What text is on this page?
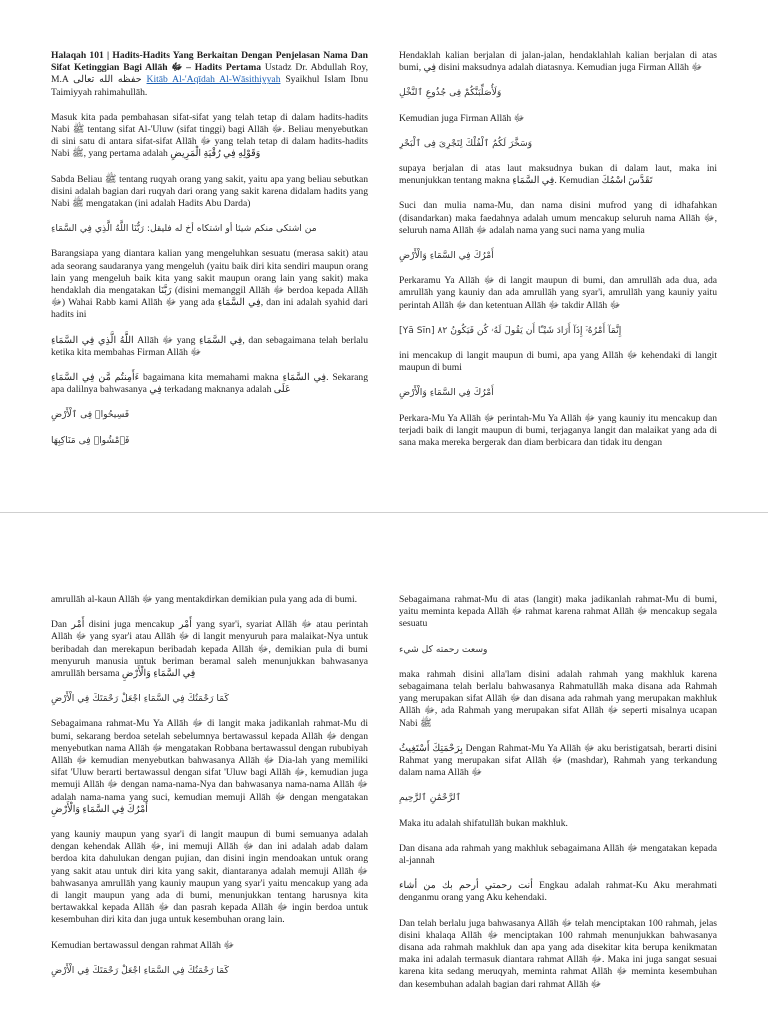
Halaqah 101 | Hadits-Hadits Yang Berkaitan Dengan Penjelasan Nama Dan Sifat Ketinggian Bagi Allāh ﷻ – Hadits Pertama Ustadz Dr. Abdullah Roy, M.A حفظه الله تعالى Kitāb Al-'Aqīdah Al-Wāsithiyyah Syaikhul Islam Ibnu Taimiyyah rahimahullāh.

Masuk kita pada pembahasan sifat-sifat yang telah tetap di dalam hadits-hadits Nabi ﷺ tentang sifat Al-'Uluw (sifat tinggi) bagi Allāh ﷻ. Beliau menyebutkan di sini satu di antara sifat-sifat Allāh ﷻ yang telah tetap di dalam hadits-hadits Nabi ﷺ, yang pertama adalah وَقَوْلِهِ فِي رُقْيَةِ الْمَرِيضِ

Sabda Beliau ﷺ tentang ruqyah orang yang sakit, yaitu apa yang beliau sebutkan disini adalah bagian dari ruqyah dari orang yang sakit karena didalam hadits yang Nabi ﷺ mengatakan (ini adalah Hadits Abu Darda)

من اشتكى منكم شيئا أو اشتكاه أخ له فليقل: رَبُّنَا اللَّهُ الَّذِي فِي السَّمَاءِ

Barangsiapa yang diantara kalian yang mengeluhkan sesuatu (merasa sakit) atau ada seorang saudaranya yang mengeluh (yaitu baik diri kita sendiri maupun orang lain yang mengeluh baik kita yang sakit maupun orang lain yang sakit) maka hendaklah dia mengatakan رَبَّنَا (disini memanggil Allāh ﷻ berdoa kepada Allāh ﷻ) Wahai Rabb kami Allāh ﷻ yang ada فِي السَّمَاءِ, dan ini adalah syahid dari hadits ini

اللَّهُ الَّذِي فِي السَّمَاءِ Allāh ﷻ yang فِي السَّمَاءِ, dan sebagaimana telah berlalu ketika kita membahas Firman Allāh ﷻ

ءَأَمِنتُم مَّن فِي السَّمَاءِ bagaimana kita memahami makna فِي السَّمَاءِ. Sekarang apa dalilnya bahwasanya فِي terkadang maknanya adalah عَلَى

فَسِيحُوا۟ فِى ٱلْأَرْضِ

فَٱمْشُوا۟ فِى مَنَاكِبِهَا

Hendaklah kalian berjalan di jalan-jalan, hendaklahlah kalian berjalan di atas bumi, فِي disini maksudnya adalah diatasnya. Kemudian juga Firman Allāh ﷻ

وَلَأُصَلِّبَنَّكُمْ فِى جُذُوعِ ٱلنَّخْلِ

Kemudian juga Firman Allāh ﷻ

وَسَخَّرَ لَكُمُ ٱلْفُلْكَ لِتَجْرِىَ فِى ٱلْبَحْرِ

supaya berjalan di atas laut maksudnya bukan di dalam laut, maka ini menunjukkan tentang makna فِي السَّمَاءِ. Kemudian تَقَدَّسَ اسْمُكَ

Suci dan mulia nama-Mu, dan nama disini mufrod yang di idhafahkan (disandarkan) maka faedahnya adalah umum mencakup seluruh nama Allāh ﷻ, seluruh nama Allāh ﷻ adalah nama yang suci nama yang mulia

أَمْرُكَ فِي السَّمَاءِ وَالْأَرْضِ

Perkaramu Ya Allāh ﷻ di langit maupun di bumi, dan amrullāh ada dua, ada amrullāh yang kauniy dan ada amrullāh yang syar'i, amrullāh yang kauniy yaitu perintah Allāh ﷻ dan ketentuan Allāh ﷻ takdir Allāh ﷻ

إِنَّمَآ أَمْرُهُۥٓ إِذَآ أَرَادَ شَيْـًٔا أَن يَقُولَ لَهُۥ كُن فَيَكُونُ ٨٢ [Yā Sīn]

ini mencakup di langit maupun di bumi, apa yang Allāh ﷻ kehendaki di langit maupun di bumi

أَمْرُكَ فِي السَّمَاءِ وَالْأَرْضِ

Perkara-Mu Ya Allāh ﷻ perintah-Mu Ya Allāh ﷻ yang kauniy itu mencakup dan terjadi baik di langit maupun di bumi, terjaganya langit dan malaikat yang ada di sana maka mereka bergerak dan diam berbicara dan tidak itu dengan

amrullāh al-kaun Allāh ﷻ yang mentakdirkan demikian pula yang ada di bumi.

Dan أَمْر disini juga mencakup أَمْر yang syar'i, syariat Allāh ﷻ atau perintah Allāh ﷻ yang syar'i atau Allāh ﷻ di langit menyuruh para malaikat-Nya untuk beribadah dan merekapun beribadah kepada Allāh ﷻ, demikian pula di bumi menyuruh manusia untuk beriman beramal saleh menunjukkan bahwasanya amrullāh bersama فِي السَّمَاءِ وَالْأَرْضِ

كَمَا رَحْمَتُكَ فِي السَّمَاءِ اجْعَلْ رَحْمَتَكَ فِي الْأَرْضِ

Sebagaimana rahmat-Mu Ya Allāh ﷻ di langit maka jadikanlah rahmat-Mu di bumi, sekarang berdoa setelah sebelumnya bertawassul kepada Allāh ﷻ dengan menyebutkan nama Allāh ﷻ mengatakan Robbana bertawassul dengan rububiyah Allāh ﷻ kemudian menyebutkan bahwasanya Allāh ﷻ Dia-lah yang memiliki sifat 'Uluw berarti bertawassul dengan sifat 'Uluw bagi Allāh ﷻ, kemudian juga memuji Allāh ﷻ dengan nama-nama-Nya dan bahwasanya nama-nama Allāh ﷻ adalah nama-nama yang suci, kemudian memuji Allāh ﷻ dengan mengatakan أَمْرُكَ فِي السَّمَاءِ وَالْأَرْضِ

yang kauniy maupun yang syar'i di langit maupun di bumi semuanya adalah dengan kehendak Allāh ﷻ, ini memuji Allāh ﷻ dan ini adalah adab dalam berdoa kita dahulukan dengan pujian, dan disini ingin mendoakan untuk orang yang sakit atau untuk diri kita yang sakit, diantaranya adalah memuji Allāh ﷻ bahwasanya amrullāh yang kauniy maupun yang syar'i yaitu mencakup yang ada di langit maupun yang ada di bumi, menunjukkan tentang harusnya kita bertawakkal kepada Allāh ﷻ dan pasrah kepada Allāh ﷻ ingin berdoa untuk kesembuhan diri kita dan juga untuk kesembuhan orang lain.

Kemudian bertawassul dengan rahmat Allāh ﷻ

كَمَا رَحْمَتُكَ فِي السَّمَاءِ اجْعَلْ رَحْمَتَكَ فِي الْأَرْضِ

Sebagaimana rahmat-Mu di atas (langit) maka jadikanlah rahmat-Mu di bumi, yaitu meminta kepada Allāh ﷻ rahmat karena rahmat Allāh ﷻ mencakup segala sesuatu

وسعت رحمته كل شيء

maka rahmah disini alla'lam disini adalah rahmah yang makhluk karena sebagaimana telah berlalu bahwasanya Rahmatullāh maka disana ada Rahmah yang merupakan sifat Allāh ﷻ dan disana ada rahmah yang merupakan makhluk Allāh ﷻ, ada Rahmah yang merupakan sifat Allāh ﷻ seperti misalnya ucapan Nabi ﷺ

بِرَحْمَتِكَ أَسْتَغِيثُ Dengan Rahmat-Mu Ya Allāh ﷻ aku beristigatsah, berarti disini Rahmat yang merupakan sifat Allāh ﷻ (mashdar), Rahmah yang terkandung dalam nama Allāh ﷻ

ٱلرَّحْمَٰنِ ٱلرَّحِيمِ

Maka itu adalah shifatullāh bukan makhluk.

Dan disana ada rahmah yang makhluk sebagaimana Allāh ﷻ mengatakan kepada al-jannah

أنت رحمتي أرحم بك من أشاء Engkau adalah rahmat-Ku Aku merahmati denganmu orang yang Aku kehendaki.

Dan telah berlalu juga bahwasanya Allāh ﷻ telah menciptakan 100 rahmah, jelas disini khalaqa Allāh ﷻ menciptakan 100 rahmah menunjukkan bahwasanya disana ada rahmah makhluk dan apa yang ada disekitar kita berupa kenikmatan maka ini adalah termasuk diantara rahmat Allāh ﷻ. Maka ini juga sangat sesuai karena kita sedang meruqyah, meminta rahmat Allāh ﷻ meminta kesembuhan dan kesembuhan adalah bagian dari rahmat Allāh ﷻ
